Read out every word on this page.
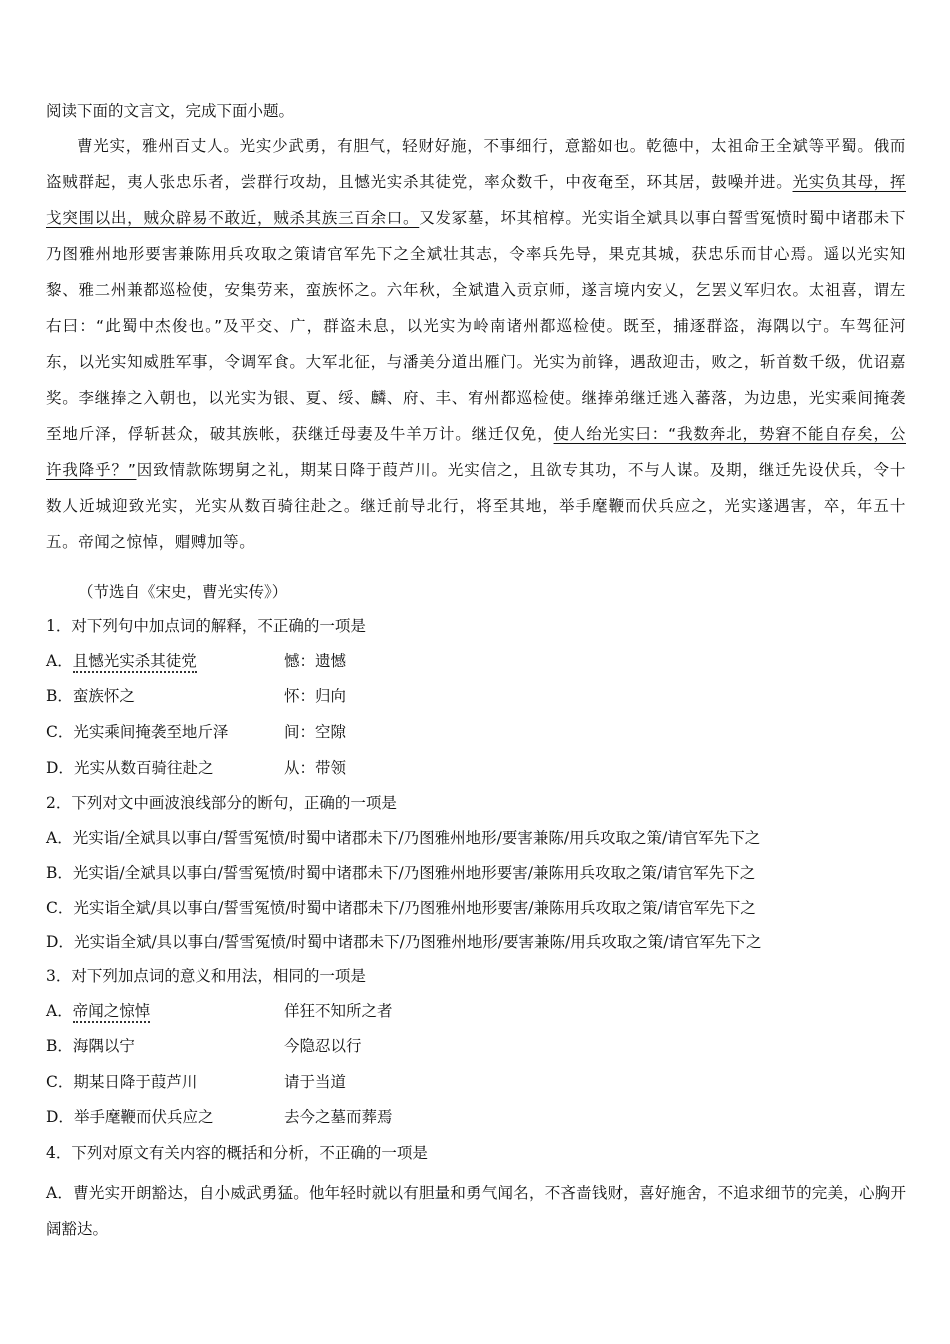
阅读下面的文言文，完成下面小题。

曹光实，雅州百丈人。光实少武勇，有胆气，轻财好施，不事细行，意豁如也。乾德中，太祖命王全斌等平蜀。俄而盗贼群起，夷人张忠乐者，尝群行攻劫，且憾光实杀其徒党，率众数千，中夜奄至，环其居，鼓噪并进。光实负其母，挥戈突围以出，贼众辟易不敢近，贼杀其族三百余口。又发冢墓，坏其棺椁。光实诣全斌具以事白誓雪冤愤时蜀中诸郡未下乃图雅州地形要害兼陈用兵攻取之策请官军先下之全斌壮其志，令率兵先导，果克其城，获忠乐而甘心焉。遥以光实知黎、雅二州兼都巡检使，安集劳来，蛮族怀之。六年秋，全斌遣入贡京师，遂言境内安乂，乞罢义军归农。太祖喜，谓左右曰：“此蜀中杰俊也。”及平交、广，群盗未息，以光实为岭南诸州都巡检使。既至，捕逐群盗，海隅以宁。车驾征河东，以光实知威胜军事，令调军食。大军北征，与潘美分道出雁门。光实为前锋，遇敌迎击，败之，斩首数千级，优诏嘉奖。李继捧之入朝也，以光实为银、夏、绥、麟、府、丰、宥州都巡检使。继捧弟继迁逃入蕃落，为边患，光实乘间掩袭至地斤泽，俘斩甚众，破其族帐，获继迁母妻及牛羊万计。继迁仅免，使人绐光实曰：“我数奔北，势窘不能自存矣，公许我降乎？”因致情款陈甥舅之礼，期某日降于葭芦川。光实信之，且欲专其功，不与人谋。及期，继迁先设伏兵，令十数人近城迎致光实，光实从数百骑往赴之。继迁前导北行，将至其地，举手麾鞭而伏兵应之，光实遂遇害，卒，年五十五。帝闻之惊悼，赗赙加等。

（节选自《宋史，曹光实传》）
1．对下列句中加点词的解释，不正确的一项是
A．且憾光实杀其徒党	憾：遗憾
B．蛮族怀之	怀：归向
C．光实乘间掩袭至地斤泽	间：空隙
D．光实从数百骑往赴之	从：带领
2．下列对文中画波浪线部分的断句，正确的一项是
A．光实诣/全斌具以事白/誓雪冤愤/时蜀中诸郡未下/乃图雅州地形/要害兼陈/用兵攻取之策/请官军先下之
B．光实诣/全斌具以事白/誓雪冤愤/时蜀中诸郡未下/乃图雅州地形要害/兼陈用兵攻取之策/请官军先下之
C．光实诣全斌/具以事白/誓雪冤愤/时蜀中诸郡未下/乃图雅州地形要害/兼陈用兵攻取之策/请官军先下之
D．光实诣全斌/具以事白/誓雪冤愤/时蜀中诸郡未下/乃图雅州地形/要害兼陈/用兵攻取之策/请官军先下之
3．对下列加点词的意义和用法，相同的一项是
A．帝闻之惊悼	佯狂不知所之者
B．海隅以宁	今隐忍以行
C．期某日降于葭芦川	请于当道
D．举手麾鞭而伏兵应之	去今之墓而葬焉
4．下列对原文有关内容的概括和分析，不正确的一项是
A．曹光实开朗豁达，自小威武勇猛。他年轻时就以有胆量和勇气闻名，不吝啬钱财，喜好施舍，不追求细节的完美，心胸开阔豁达。
